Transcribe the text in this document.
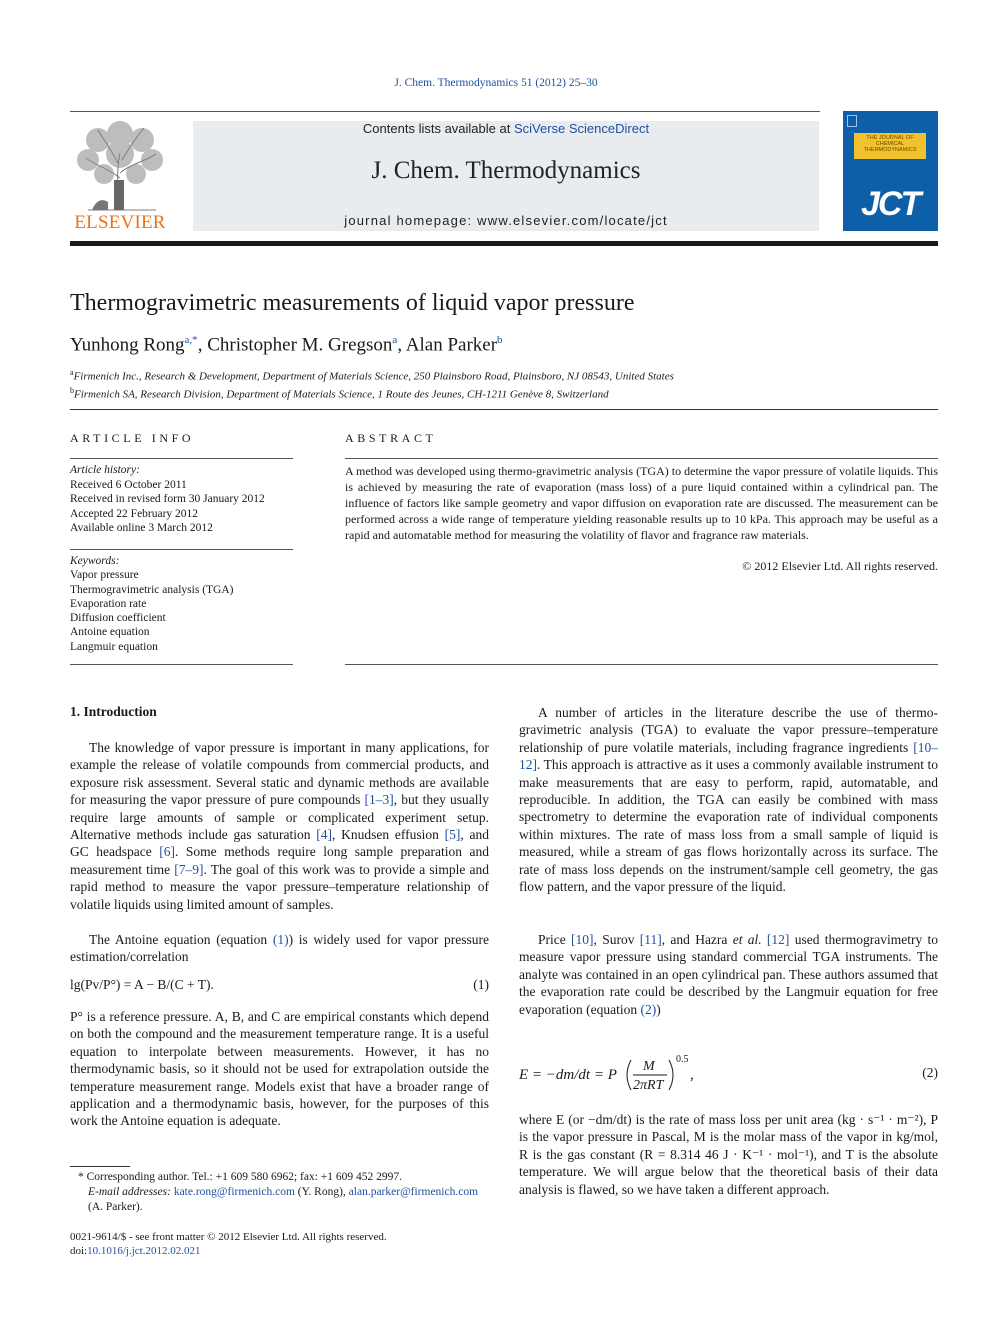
J. Chem. Thermodynamics 51 (2012) 25–30
ELSEVIER
Contents lists available at SciVerse ScienceDirect
J. Chem. Thermodynamics
journal homepage: www.elsevier.com/locate/jct
THE JOURNAL OF CHEMICAL THERMODYNAMICS
JCT
Thermogravimetric measurements of liquid vapor pressure
Yunhong Rong$^{a,*}$, Christopher M. Gregson$^a$, Alan Parker$^b$
$^a$Firmenich Inc., Research & Development, Department of Materials Science, 250 Plainsboro Road, Plainsboro, NJ 08543, United States
$^b$Firmenich SA, Research Division, Department of Materials Science, 1 Route des Jeunes, CH-1211 Genève 8, Switzerland
ARTICLE INFO	ABSTRACT
Article history:
Received 6 October 2011
Received in revised form 30 January 2012
Accepted 22 February 2012
Available online 3 March 2012
Keywords:
Vapor pressure
Thermogravimetric analysis (TGA)
Evaporation rate
Diffusion coefficient
Antoine equation
Langmuir equation
A method was developed using thermo-gravimetric analysis (TGA) to determine the vapor pressure of volatile liquids. This is achieved by measuring the rate of evaporation (mass loss) of a pure liquid contained within a cylindrical pan. The influence of factors like sample geometry and vapor diffusion on evaporation rate are discussed. The measurement can be performed across a wide range of temperature yielding reasonable results up to 10 kPa. This approach may be useful as a rapid and automatable method for measuring the volatility of flavor and fragrance raw materials.
© 2012 Elsevier Ltd. All rights reserved.
1. Introduction
The knowledge of vapor pressure is important in many applications, for example the release of volatile compounds from commercial products, and exposure risk assessment. Several static and dynamic methods are available for measuring the vapor pressure of pure compounds [1–3], but they usually require large amounts of sample or complicated experiment setup. Alternative methods include gas saturation [4], Knudsen effusion [5], and GC headspace [6]. Some methods require long sample preparation and measurement time [7–9]. The goal of this work was to provide a simple and rapid method to measure the vapor pressure–temperature relationship of volatile liquids using limited amount of samples.
The Antoine equation (equation (1)) is widely used for vapor pressure estimation/correlation
lg(Pv/P°) = A − B/(C + T).	(1)
P° is a reference pressure. A, B, and C are empirical constants which depend on both the compound and the measurement temperature range. It is a useful equation to interpolate between measurements. However, it has no thermodynamic basis, so it should not be used for extrapolation outside the temperature measurement range. Models exist that have a broader range of application and a thermodynamic basis, however, for the purposes of this work the Antoine equation is adequate.
A number of articles in the literature describe the use of thermo-gravimetric analysis (TGA) to evaluate the vapor pressure–temperature relationship of pure volatile materials, including fragrance ingredients [10–12]. This approach is attractive as it uses a commonly available instrument to make measurements that are easy to perform, rapid, automatable, and reproducible. In addition, the TGA can easily be combined with mass spectrometry to determine the evaporation rate of individual components within mixtures. The rate of mass loss from a small sample of liquid is measured, while a stream of gas flows horizontally across its surface. The rate of mass loss depends on the instrument/sample cell geometry, the gas flow pattern, and the vapor pressure of the liquid.
Price [10], Surov [11], and Hazra et al. [12] used thermogravimetry to measure vapor pressure using standard commercial TGA instruments. The analyte was contained in an open cylindrical pan. These authors assumed that the evaporation rate could be described by the Langmuir equation for free evaporation (equation (2))
E = −dm/dt = P
M
2πRT
0.5
,	(2)
where E (or −dm/dt) is the rate of mass loss per unit area (kg · s⁻¹ · m⁻²), P is the vapor pressure in Pascal, M is the molar mass of the vapor in kg/mol, R is the gas constant (R = 8.314 46 J · K⁻¹ · mol⁻¹), and T is the absolute temperature. We will argue below that the theoretical basis of their data analysis is flawed, so we have taken a different approach.
* Corresponding author. Tel.: +1 609 580 6962; fax: +1 609 452 2997.
E-mail addresses: kate.rong@firmenich.com (Y. Rong), alan.parker@firmenich.com (A. Parker).
0021-9614/$ - see front matter © 2012 Elsevier Ltd. All rights reserved.
doi:10.1016/j.jct.2012.02.021
